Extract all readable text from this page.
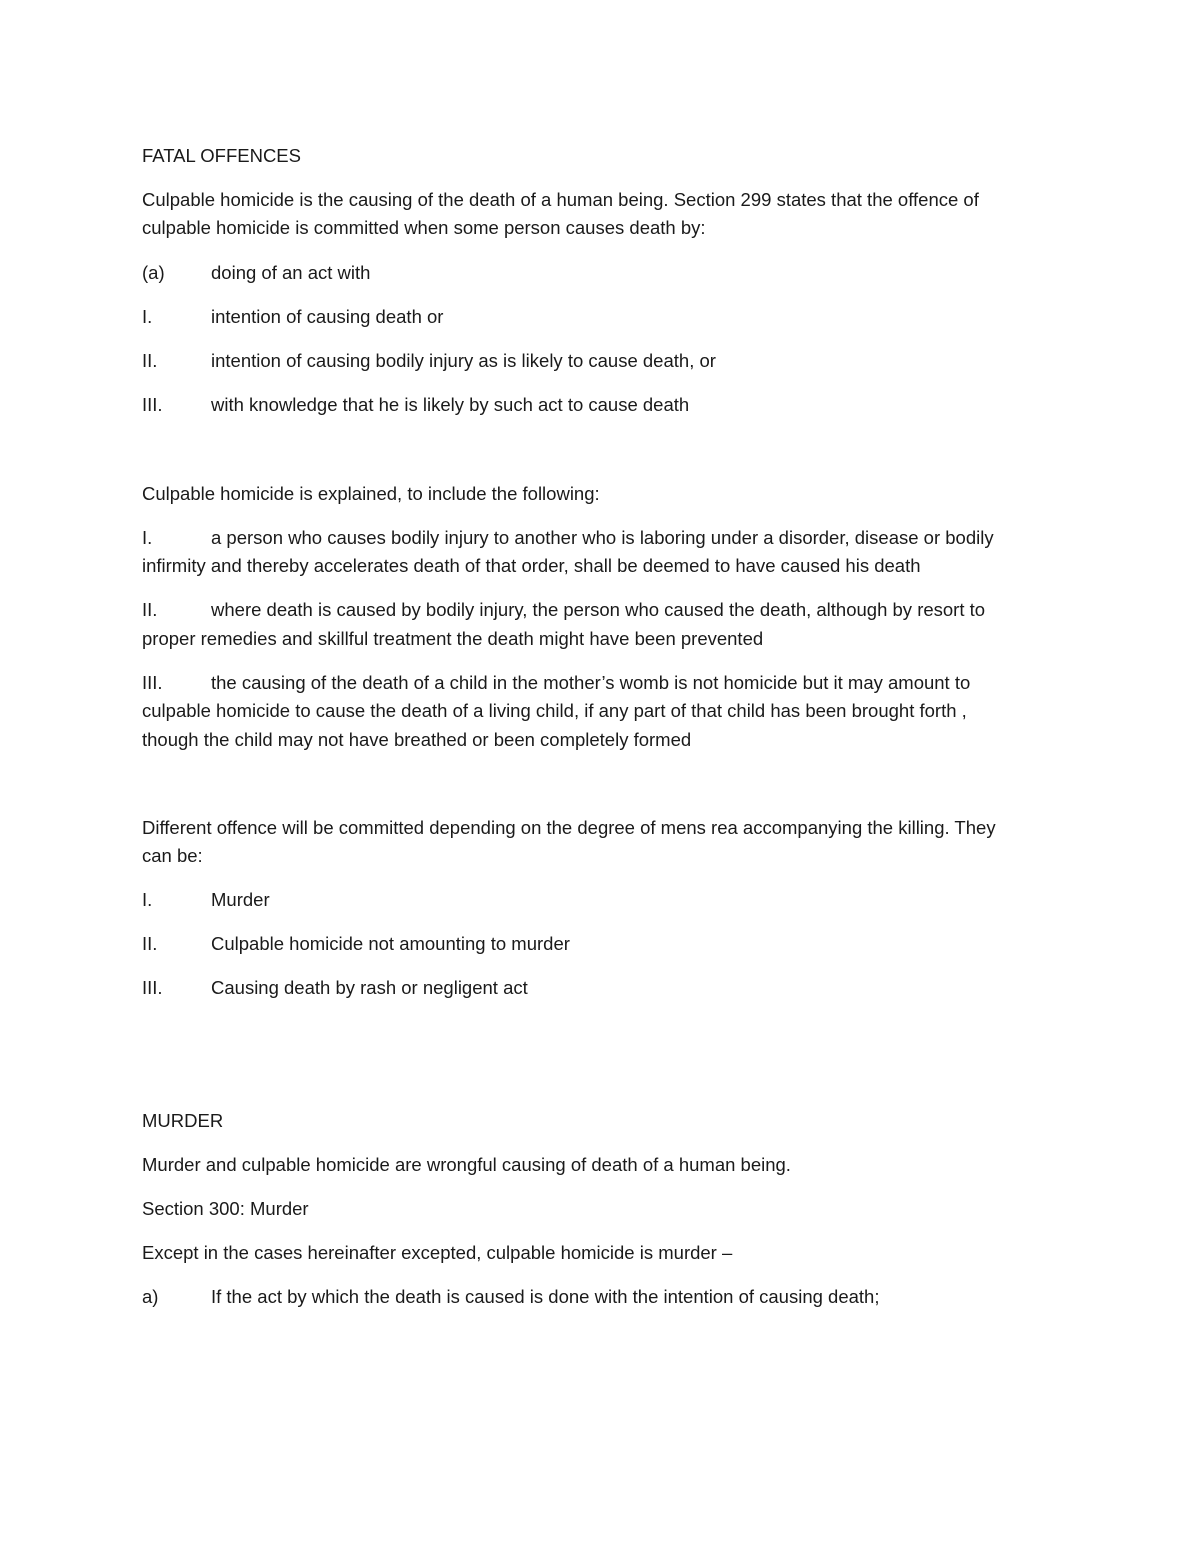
FATAL OFFENCES
Culpable homicide is the causing of the death of a human being. Section 299 states that the offence of
culpable homicide is committed when some person causes death by:
(a)	doing of an act with
I.	intention of causing death or
II.	intention of causing bodily injury as is likely to cause death, or
III.	with knowledge that he is likely by such act to cause death
Culpable homicide is explained, to include the following:
I.	a person who causes bodily injury to another who is laboring under a disorder, disease or bodily
infirmity and thereby accelerates death of that order, shall be deemed to have caused his death
II.	where death is caused by bodily injury, the person who caused the death, although by resort to
proper remedies and skillful treatment the death might have been prevented
III.	the causing of the death of a child in the mother’s womb is not homicide but it may amount to
culpable homicide to cause the death of a living child, if any part of that child has been brought forth ,
though the child may not have breathed or been completely formed
Different offence will be committed depending on the degree of mens rea accompanying the killing. They
can be:
I.	Murder
II.	Culpable homicide not amounting to murder
III.	Causing death by rash or negligent act
MURDER
Murder and culpable homicide are wrongful causing of death of a human being.
Section 300: Murder
Except in the cases hereinafter excepted, culpable homicide is murder –
a)	If the act by which the death is caused is done with the intention of causing death;
